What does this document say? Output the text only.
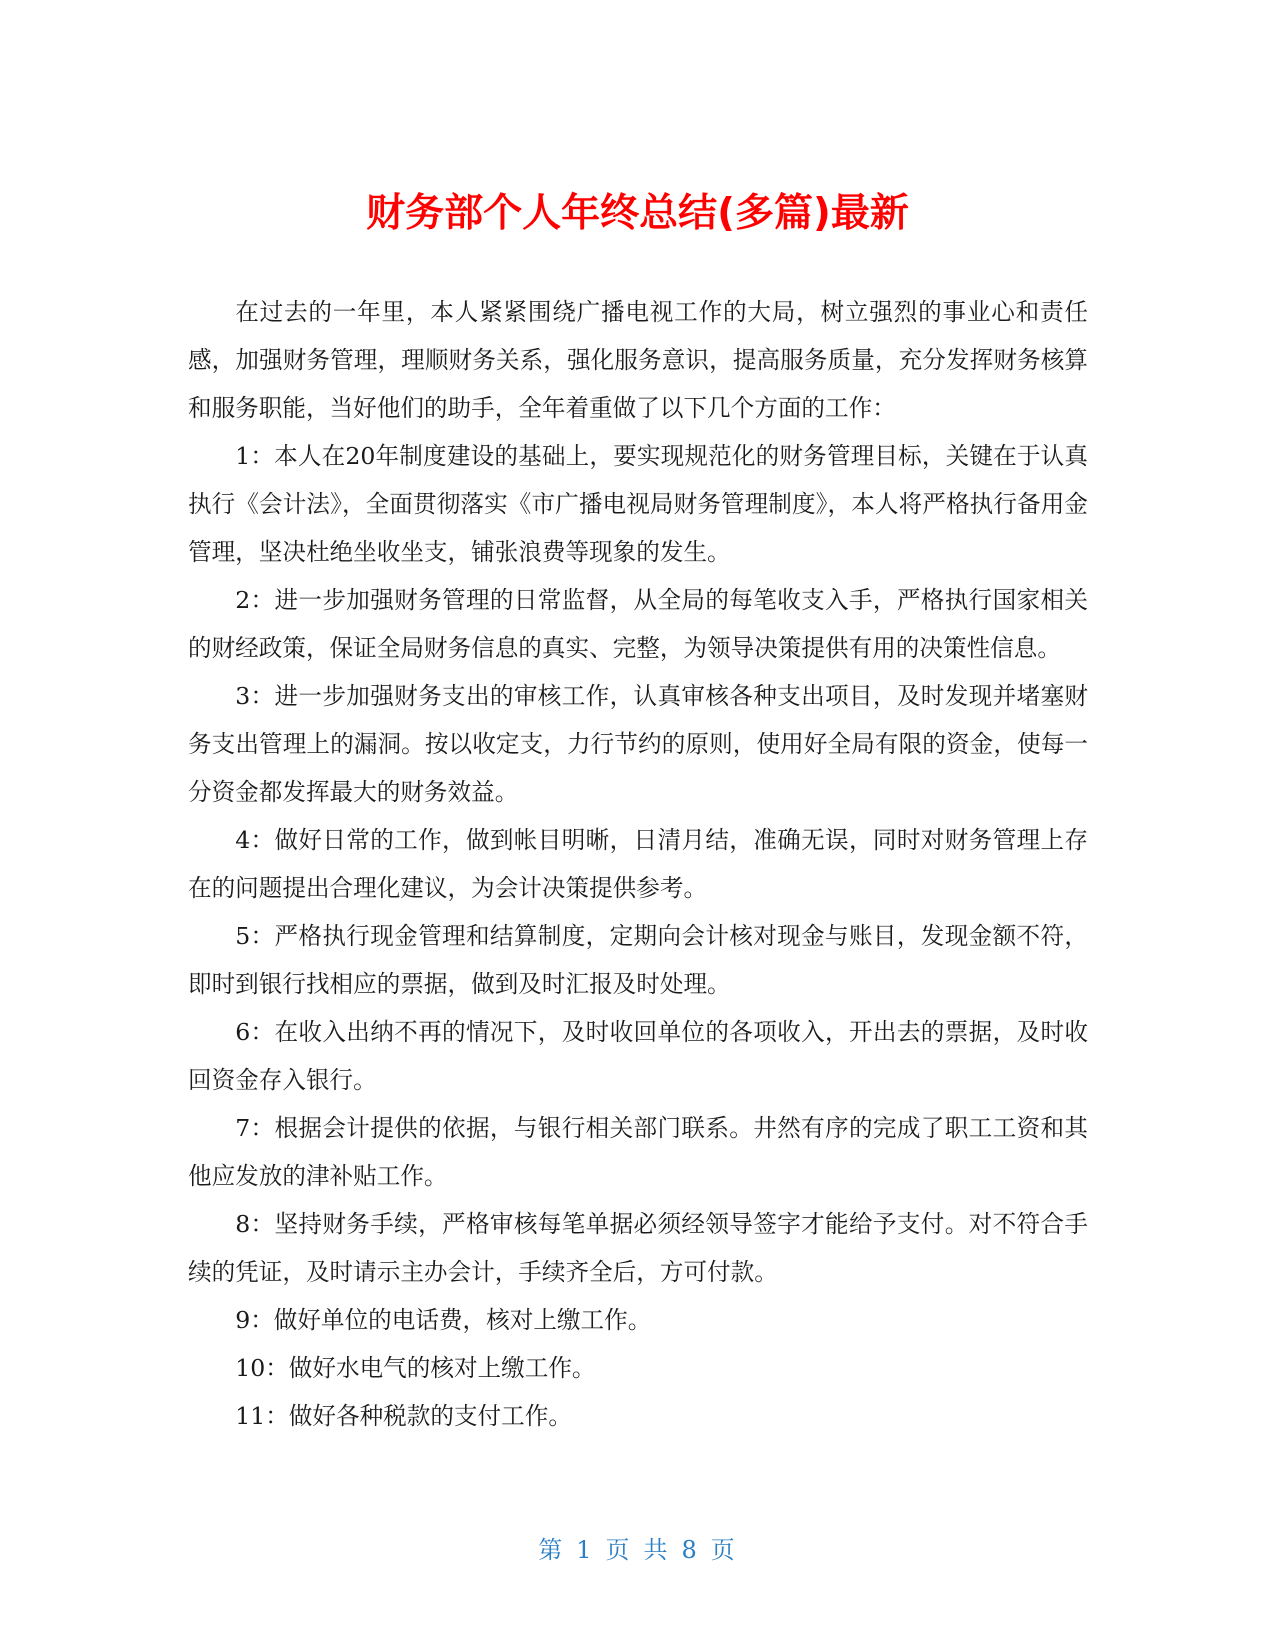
财务部个人年终总结(多篇)最新

在过去的一年里，本人紧紧围绕广播电视工作的大局，树立强烈的事业心和责任感，加强财务管理，理顺财务关系，强化服务意识，提高服务质量，充分发挥财务核算和服务职能，当好他们的助手，全年着重做了以下几个方面的工作：

1：本人在20年制度建设的基础上，要实现规范化的财务管理目标，关键在于认真执行《会计法》，全面贯彻落实《市广播电视局财务管理制度》，本人将严格执行备用金管理，坚决杜绝坐收坐支，铺张浪费等现象的发生。

2：进一步加强财务管理的日常监督，从全局的每笔收支入手，严格执行国家相关的财经政策，保证全局财务信息的真实、完整，为领导决策提供有用的决策性信息。

3：进一步加强财务支出的审核工作，认真审核各种支出项目，及时发现并堵塞财务支出管理上的漏洞。按以收定支，力行节约的原则，使用好全局有限的资金，使每一分资金都发挥最大的财务效益。

4：做好日常的工作，做到帐目明晰，日清月结，准确无误，同时对财务管理上存在的问题提出合理化建议，为会计决策提供参考。

5：严格执行现金管理和结算制度，定期向会计核对现金与账目，发现金额不符，即时到银行找相应的票据，做到及时汇报及时处理。

6：在收入出纳不再的情况下，及时收回单位的各项收入，开出去的票据，及时收回资金存入银行。

7：根据会计提供的依据，与银行相关部门联系。井然有序的完成了职工工资和其他应发放的津补贴工作。

8：坚持财务手续，严格审核每笔单据必须经领导签字才能给予支付。对不符合手续的凭证，及时请示主办会计，手续齐全后，方可付款。

9：做好单位的电话费，核对上缴工作。

10：做好水电气的核对上缴工作。

11：做好各种税款的支付工作。

第 1 页 共 8 页
